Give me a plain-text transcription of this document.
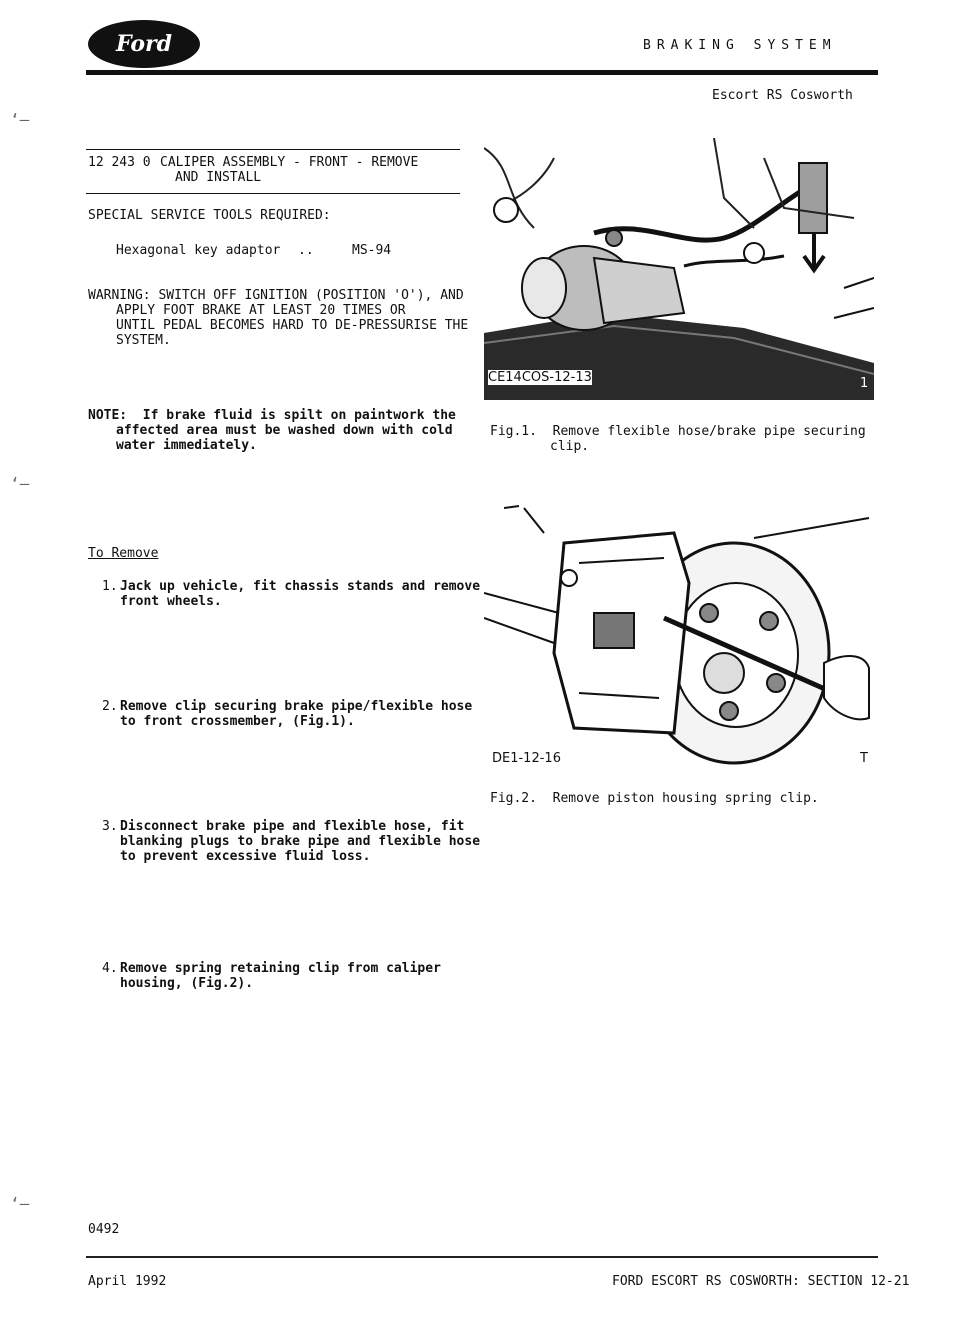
Ford	BRAKING SYSTEM
Escort RS Cosworth
‘—
‘—
‘—
12 243 0 CALIPER ASSEMBLY - FRONT - REMOVE
AND INSTALL
SPECIAL SERVICE TOOLS REQUIRED:
Hexagonal key adaptor ..	MS-94
WARNING: SWITCH OFF IGNITION (POSITION 'O'), AND
APPLY FOOT BRAKE AT LEAST 20 TIMES OR
UNTIL PEDAL BECOMES HARD TO DE-PRESSURISE THE
SYSTEM.
NOTE:  If brake fluid is spilt on paintwork the
affected area must be washed down with cold
water immediately.
To Remove
1. Jack up vehicle, fit chassis stands and remove
front wheels.
2. Remove clip securing brake pipe/flexible hose
to front crossmember, (Fig.1).
3. Disconnect brake pipe and flexible hose, fit
blanking plugs to brake pipe and flexible hose
to prevent excessive fluid loss.
4. Remove spring retaining clip from caliper
housing, (Fig.2).
CE14COS-12-13	1
Fig.1.  Remove flexible hose/brake pipe securing
clip.
DE1-12-16	T
Fig.2.  Remove piston housing spring clip.
0492
April 1992	FORD ESCORT RS COSWORTH: SECTION 12-21
